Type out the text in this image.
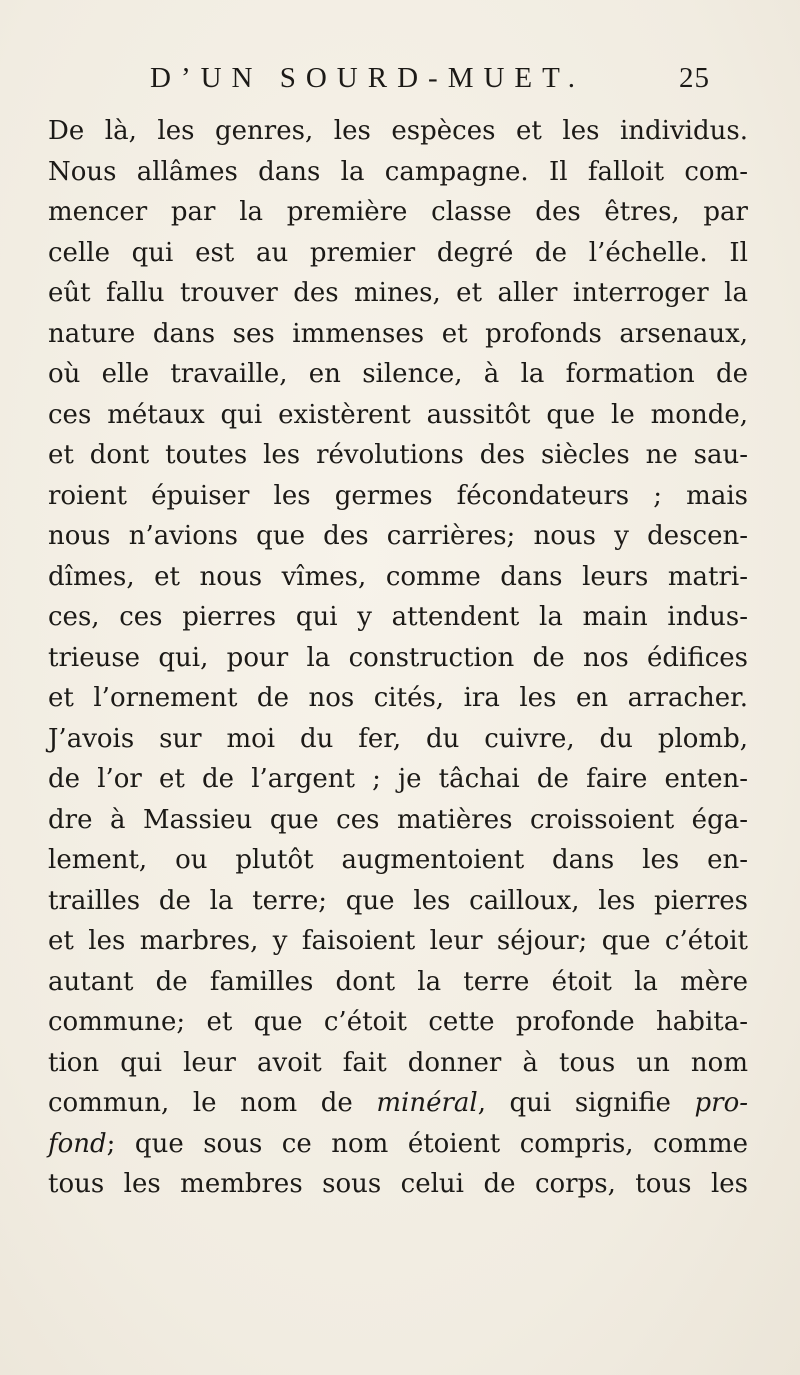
D’UN SOURD-MUET.	25
De là, les genres, les espèces et les individus.
Nous allâmes dans la campagne. Il falloit com-
mencer par la première classe des êtres, par
celle qui est au premier degré de l’échelle. Il
eût fallu trouver des mines, et aller interroger la
nature dans ses immenses et profonds arsenaux,
où elle travaille, en silence, à la formation de
ces métaux qui existèrent aussitôt que le monde,
et dont toutes les révolutions des siècles ne sau-
roient épuiser les germes fécondateurs ; mais
nous n’avions que des carrières; nous y descen-
dîmes, et nous vîmes, comme dans leurs matri-
ces, ces pierres qui y attendent la main indus-
trieuse qui, pour la construction de nos édifices
et l’ornement de nos cités, ira les en arracher.
J’avois sur moi du fer, du cuivre, du plomb,
de l’or et de l’argent ; je tâchai de faire enten-
dre à Massieu que ces matières croissoient éga-
lement, ou plutôt augmentoient dans les en-
trailles de la terre; que les cailloux, les pierres
et les marbres, y faisoient leur séjour; que c’étoit
autant de familles dont la terre étoit la mère
commune; et que c’étoit cette profonde habita-
tion qui leur avoit fait donner à tous un nom
commun, le nom de minéral, qui signifie pro-
fond; que sous ce nom étoient compris, comme
tous les membres sous celui de corps, tous les
